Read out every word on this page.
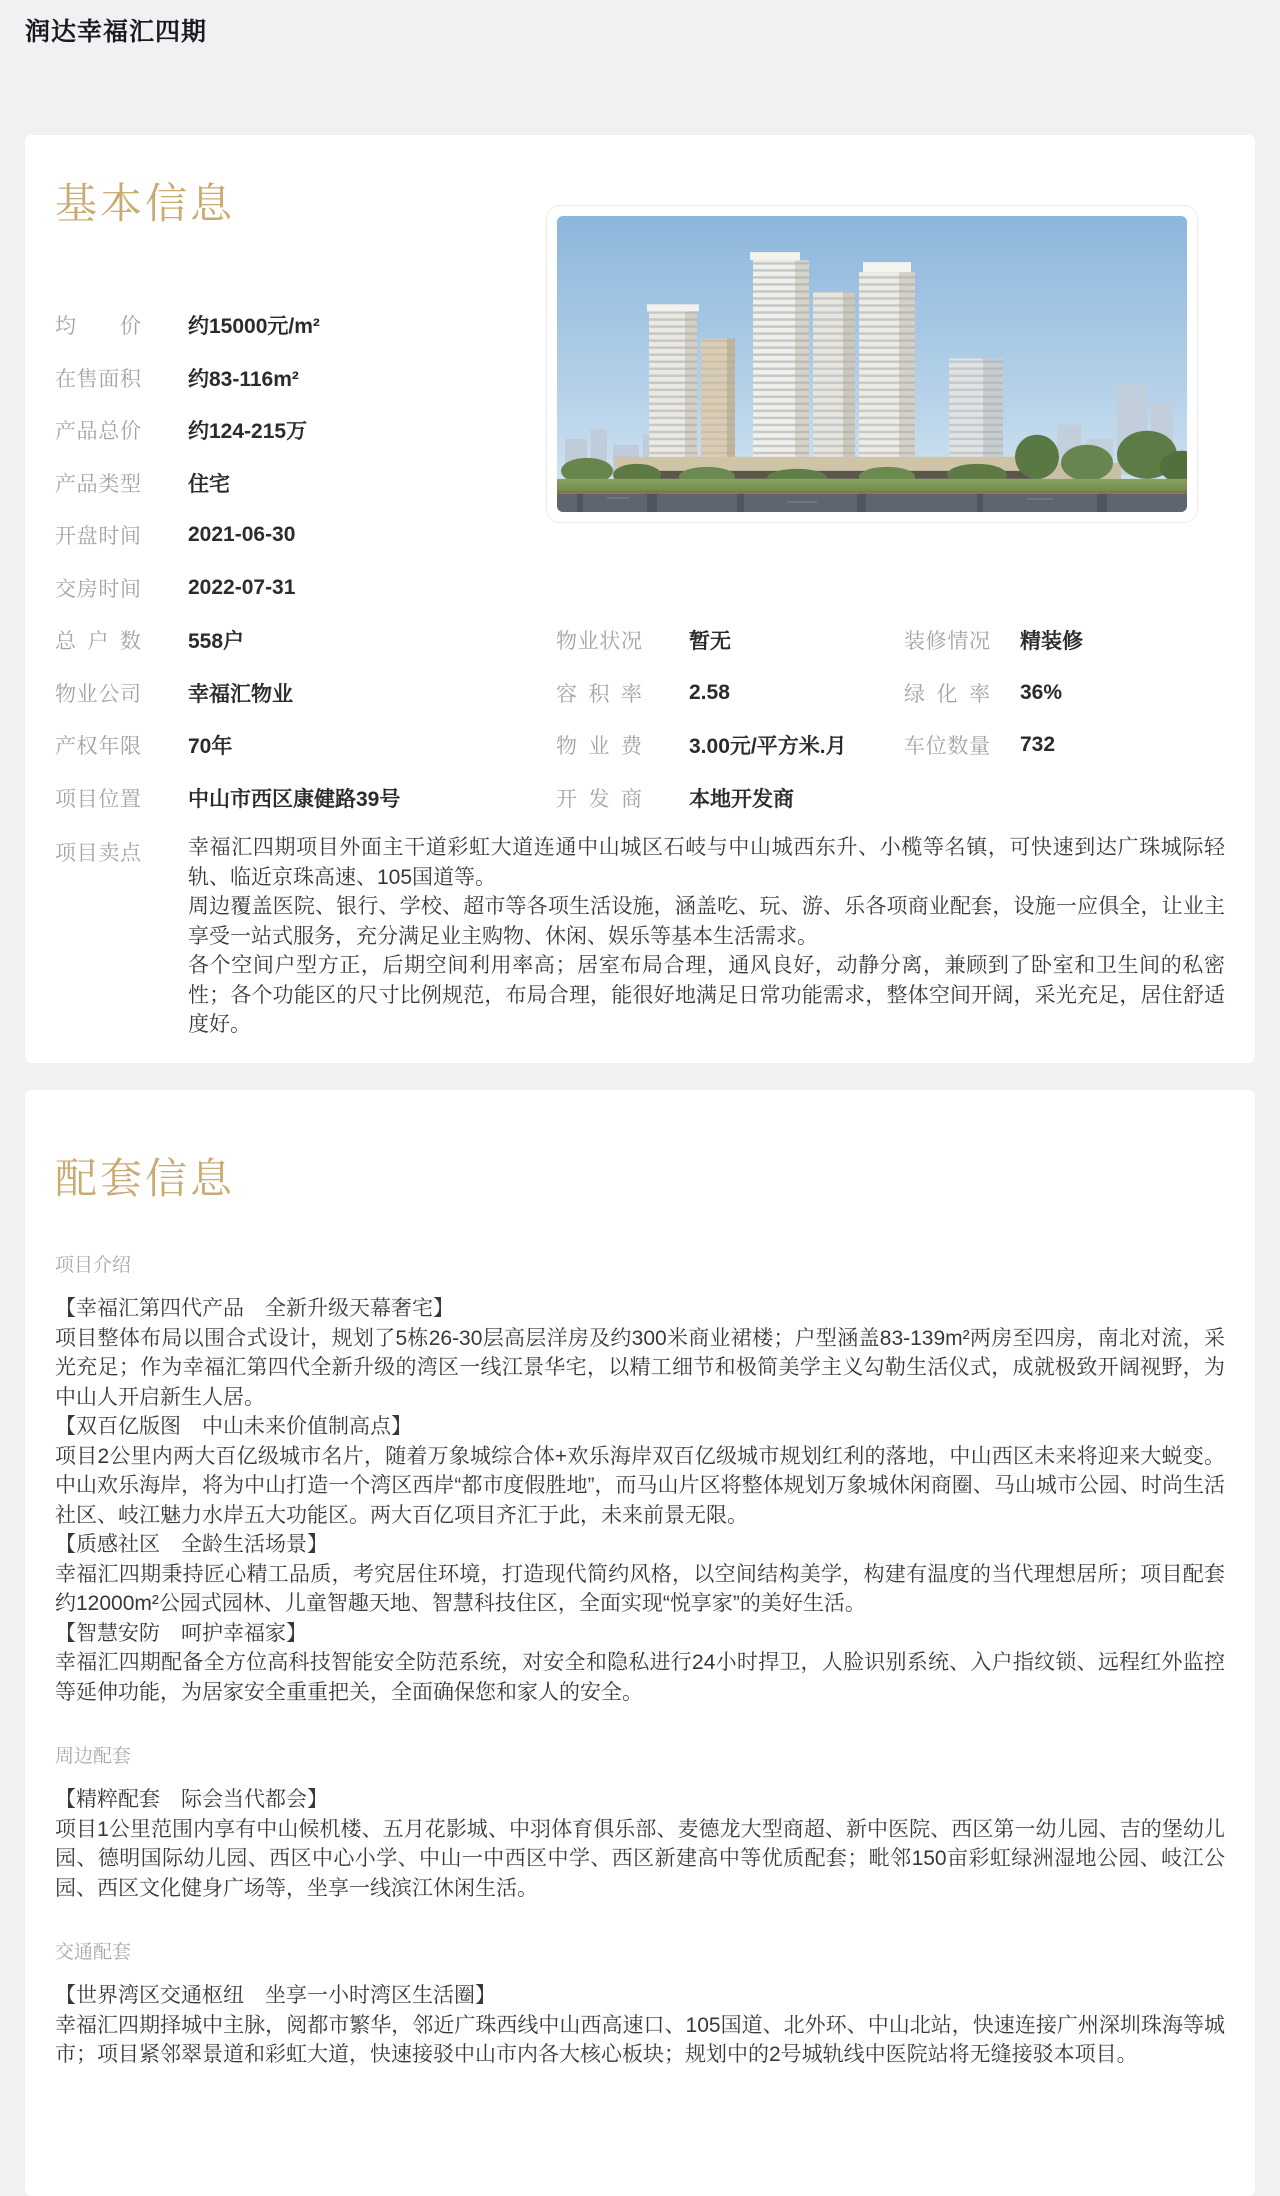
润达幸福汇四期
基本信息
均价 约15000元/m²
在售面积 约83-116m²
产品总价 约124-215万
产品类型 住宅
开盘时间 2021-06-30
交房时间 2022-07-31
总户数 558户
物业公司 幸福汇物业
产权年限 70年
项目位置 中山市西区康健路39号
物业状况 暂无
容积率 2.58
物业费 3.00元/平方米.月
开发商 本地开发商
装修情况 精装修
绿化率 36%
车位数量 732
项目卖点 幸福汇四期项目外面主干道彩虹大道连通中山城区石岐与中山城西东升、小榄等名镇，可快速到达广珠城际轻轨、临近京珠高速、105国道等。

周边覆盖医院、银行、学校、超市等各项生活设施，涵盖吃、玩、游、乐各项商业配套，设施一应俱全，让业主享受一站式服务，充分满足业主购物、休闲、娱乐等基本生活需求。

各个空间户型方正，后期空间利用率高；居室布局合理，通风良好，动静分离，兼顾到了卧室和卫生间的私密性；各个功能区的尺寸比例规范，布局合理，能很好地满足日常功能需求，整体空间开阔，采光充足，居住舒适度好。

配套信息
项目介绍

【幸福汇第四代产品　全新升级天幕奢宅】

项目整体布局以围合式设计，规划了5栋26-30层高层洋房及约300米商业裙楼；户型涵盖83-139m²两房至四房，南北对流，采光充足；作为幸福汇第四代全新升级的湾区一线江景华宅，以精工细节和极简美学主义勾勒生活仪式，成就极致开阔视野，为中山人开启新生人居。

【双百亿版图　中山未来价值制高点】

项目2公里内两大百亿级城市名片，随着万象城综合体+欢乐海岸双百亿级城市规划红利的落地，中山西区未来将迎来大蜕变。中山欢乐海岸，将为中山打造一个湾区西岸“都市度假胜地”，而马山片区将整体规划万象城休闲商圈、马山城市公园、时尚生活社区、岐江魅力水岸五大功能区。两大百亿项目齐汇于此，未来前景无限。

【质感社区　全龄生活场景】

幸福汇四期秉持匠心精工品质，考究居住环境，打造现代简约风格，以空间结构美学，构建有温度的当代理想居所；项目配套约12000m²公园式园林、儿童智趣天地、智慧科技住区，全面实现“悦享家”的美好生活。

【智慧安防　呵护幸福家】

幸福汇四期配备全方位高科技智能安全防范系统，对安全和隐私进行24小时捍卫，人脸识别系统、入户指纹锁、远程红外监控等延伸功能，为居家安全重重把关，全面确保您和家人的安全。

周边配套

【精粹配套　际会当代都会】

项目1公里范围内享有中山候机楼、五月花影城、中羽体育俱乐部、麦德龙大型商超、新中医院、西区第一幼儿园、吉的堡幼儿园、德明国际幼儿园、西区中心小学、中山一中西区中学、西区新建高中等优质配套；毗邻150亩彩虹绿洲湿地公园、岐江公园、西区文化健身广场等，坐享一线滨江休闲生活。

交通配套

【世界湾区交通枢纽　坐享一小时湾区生活圈】

幸福汇四期择城中主脉，阅都市繁华，邻近广珠西线中山西高速口、105国道、北外环、中山北站，快速连接广州深圳珠海等城市；项目紧邻翠景道和彩虹大道，快速接驳中山市内各大核心板块；规划中的2号城轨线中医院站将无缝接驳本项目。
